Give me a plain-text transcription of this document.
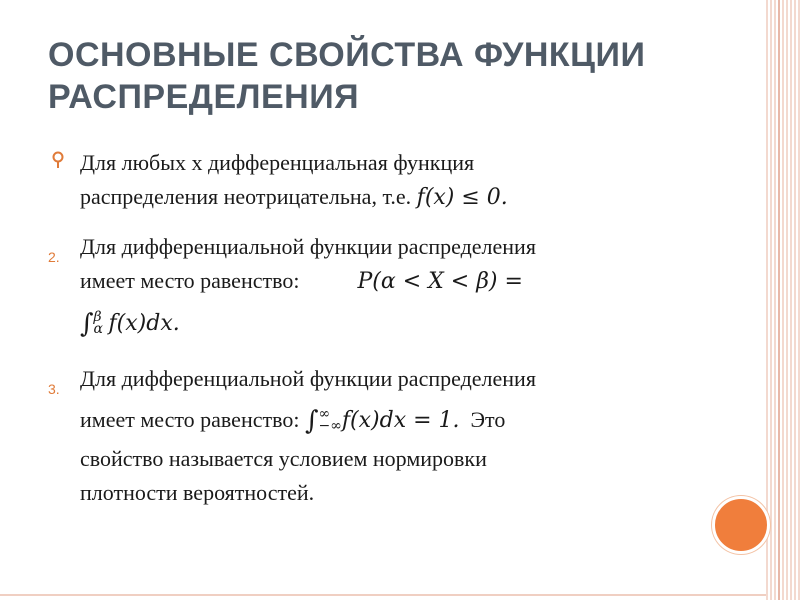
ОСНОВНЫЕ СВОЙСТВА ФУНКЦИИ
РАСПРЕДЕЛЕНИЯ
Для любых x дифференциальная функция
распределения неотрицательна, т.е. f(x) ≤ 0.
2. Для дифференциальной функции распределения
имеет место равенство:	P(α < X < β) =
∫ β
α f(x)dx.
3. Для дифференциальной функции распределения
имеет место равенство: ∫ ∞
−∞ f(x)dx = 1.  Это
свойство называется условием нормировки
плотности вероятностей.
